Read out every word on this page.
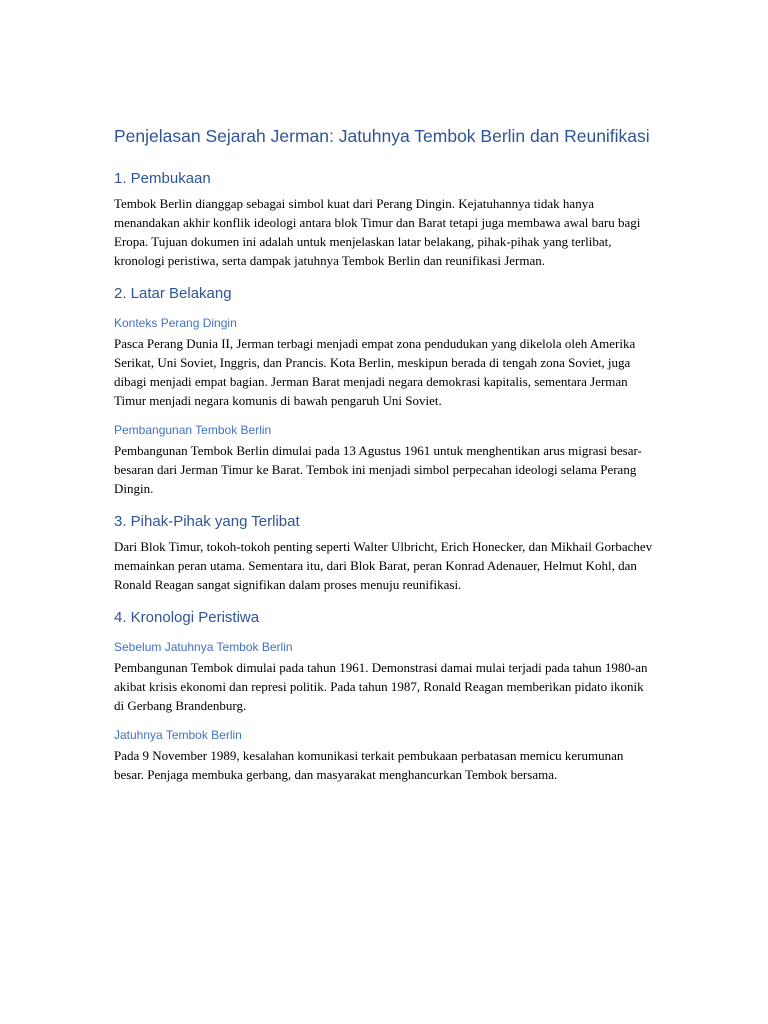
Penjelasan Sejarah Jerman: Jatuhnya Tembok Berlin dan Reunifikasi
1. Pembukaan

Tembok Berlin dianggap sebagai simbol kuat dari Perang Dingin. Kejatuhannya tidak hanya menandakan akhir konflik ideologi antara blok Timur dan Barat tetapi juga membawa awal baru bagi Eropa. Tujuan dokumen ini adalah untuk menjelaskan latar belakang, pihak-pihak yang terlibat, kronologi peristiwa, serta dampak jatuhnya Tembok Berlin dan reunifikasi Jerman.

2. Latar Belakang
Konteks Perang Dingin

Pasca Perang Dunia II, Jerman terbagi menjadi empat zona pendudukan yang dikelola oleh Amerika Serikat, Uni Soviet, Inggris, dan Prancis. Kota Berlin, meskipun berada di tengah zona Soviet, juga dibagi menjadi empat bagian. Jerman Barat menjadi negara demokrasi kapitalis, sementara Jerman Timur menjadi negara komunis di bawah pengaruh Uni Soviet.

Pembangunan Tembok Berlin

Pembangunan Tembok Berlin dimulai pada 13 Agustus 1961 untuk menghentikan arus migrasi besar-besaran dari Jerman Timur ke Barat. Tembok ini menjadi simbol perpecahan ideologi selama Perang Dingin.

3. Pihak-Pihak yang Terlibat

Dari Blok Timur, tokoh-tokoh penting seperti Walter Ulbricht, Erich Honecker, dan Mikhail Gorbachev memainkan peran utama. Sementara itu, dari Blok Barat, peran Konrad Adenauer, Helmut Kohl, dan Ronald Reagan sangat signifikan dalam proses menuju reunifikasi.

4. Kronologi Peristiwa
Sebelum Jatuhnya Tembok Berlin

Pembangunan Tembok dimulai pada tahun 1961. Demonstrasi damai mulai terjadi pada tahun 1980-an akibat krisis ekonomi dan represi politik. Pada tahun 1987, Ronald Reagan memberikan pidato ikonik di Gerbang Brandenburg.

Jatuhnya Tembok Berlin

Pada 9 November 1989, kesalahan komunikasi terkait pembukaan perbatasan memicu kerumunan besar. Penjaga membuka gerbang, dan masyarakat menghancurkan Tembok bersama.
